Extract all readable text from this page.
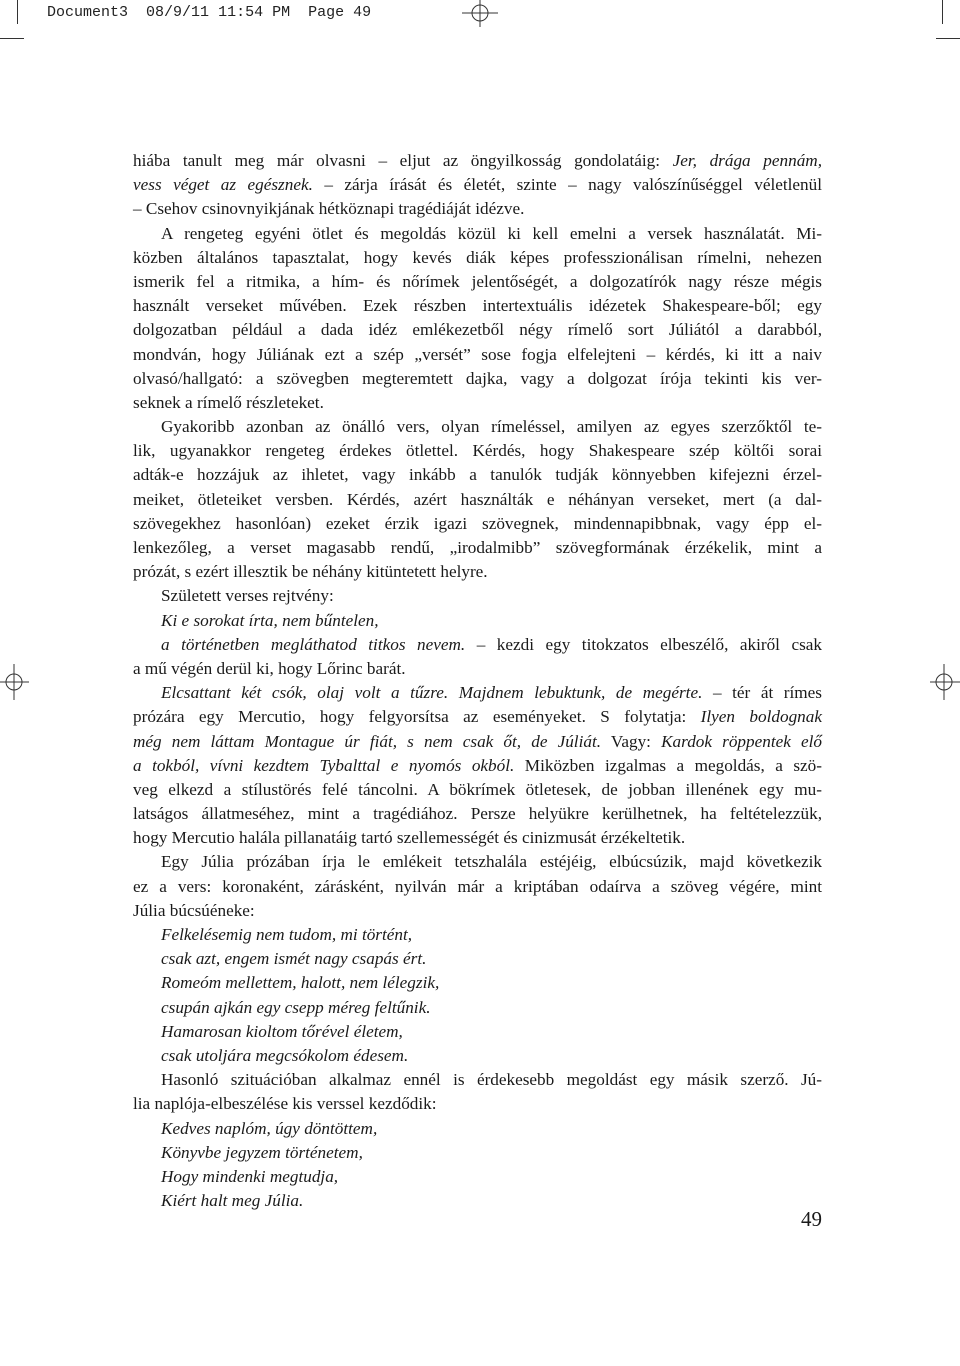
Document3 08/9/11 11:54 PM Page 49
hiába tanult meg már olvasni – eljut az öngyilkosság gondolatáig: Jer, drága pennám,
vess véget az egésznek. – zárja írását és életét, szinte – nagy valószínűséggel véletlenül
– Csehov csinovnyikjának hétköznapi tragédiáját idézve.
A rengeteg egyéni ötlet és megoldás közül ki kell emelni a versek használatát. Mi-
közben általános tapasztalat, hogy kevés diák képes professzionálisan rímelni, nehezen
ismerik fel a ritmika, a hím- és nőrímek jelentőségét, a dolgozatírók nagy része mégis
használt verseket művében. Ezek részben intertextuális idézetek Shakespeare-ből; egy
dolgozatban például a dada idéz emlékezetből négy rímelő sort Júliától a darabból,
mondván, hogy Júliának ezt a szép „versét” sose fogja elfelejteni – kérdés, ki itt a naiv
olvasó/hallgató: a szövegben megteremtett dajka, vagy a dolgozat írója tekinti kis ver-
seknek a rímelő részleteket.
Gyakoribb azonban az önálló vers, olyan rímeléssel, amilyen az egyes szerzőktől te-
lik, ugyanakkor rengeteg érdekes ötlettel. Kérdés, hogy Shakespeare szép költői sorai
adták-e hozzájuk az ihletet, vagy inkább a tanulók tudják könnyebben kifejezni érzel-
meiket, ötleteiket versben. Kérdés, azért használták e néhányan verseket, mert (a dal-
szövegekhez hasonlóan) ezeket érzik igazi szövegnek, mindennapibbnak, vagy épp el-
lenkezőleg, a verset magasabb rendű, „irodalmibb” szövegformának érzékelik, mint a
prózát, s ezért illesztik be néhány kitüntetett helyre.
Született verses rejtvény:
Ki e sorokat írta, nem bűntelen,
a történetben megláthatod titkos nevem. – kezdi egy titokzatos elbeszélő, akiről csak
a mű végén derül ki, hogy Lőrinc barát.
Elcsattant két csók, olaj volt a tűzre. Majdnem lebuktunk, de megérte. – tér át rímes
prózára egy Mercutio, hogy felgyorsítsa az eseményeket. S folytatja: Ilyen boldognak
még nem láttam Montague úr fiát, s nem csak őt, de Júliát. Vagy: Kardok röppentek elő
a tokból, vívni kezdtem Tybalttal e nyomós okból. Miközben izgalmas a megoldás, a szö-
veg elkezd a stílustörés felé táncolni. A bökrímek ötletesek, de jobban illenének egy mu-
latságos állatmeséhez, mint a tragédiához. Persze helyükre kerülhetnek, ha feltételezzük,
hogy Mercutio halála pillanatáig tartó szellemességét és cinizmusát érzékeltetik.
Egy Júlia prózában írja le emlékeit tetszhalála estéjéig, elbúcsúzik, majd következik
ez a vers: koronaként, zárásként, nyilván már a kriptában odaírva a szöveg végére, mint
Júlia búcsúéneke:
Felkelésemig nem tudom, mi történt,
csak azt, engem ismét nagy csapás ért.
Romeóm mellettem, halott, nem lélegzik,
csupán ajkán egy csepp méreg feltűnik.
Hamarosan kioltom tőrével életem,
csak utoljára megcsókolom édesem.
Hasonló szituációban alkalmaz ennél is érdekesebb megoldást egy másik szerző. Jú-
lia naplója-elbeszélése kis verssel kezdődik:
Kedves naplóm, úgy döntöttem,
Könyvbe jegyzem történetem,
Hogy mindenki megtudja,
Kiért halt meg Júlia.
49
